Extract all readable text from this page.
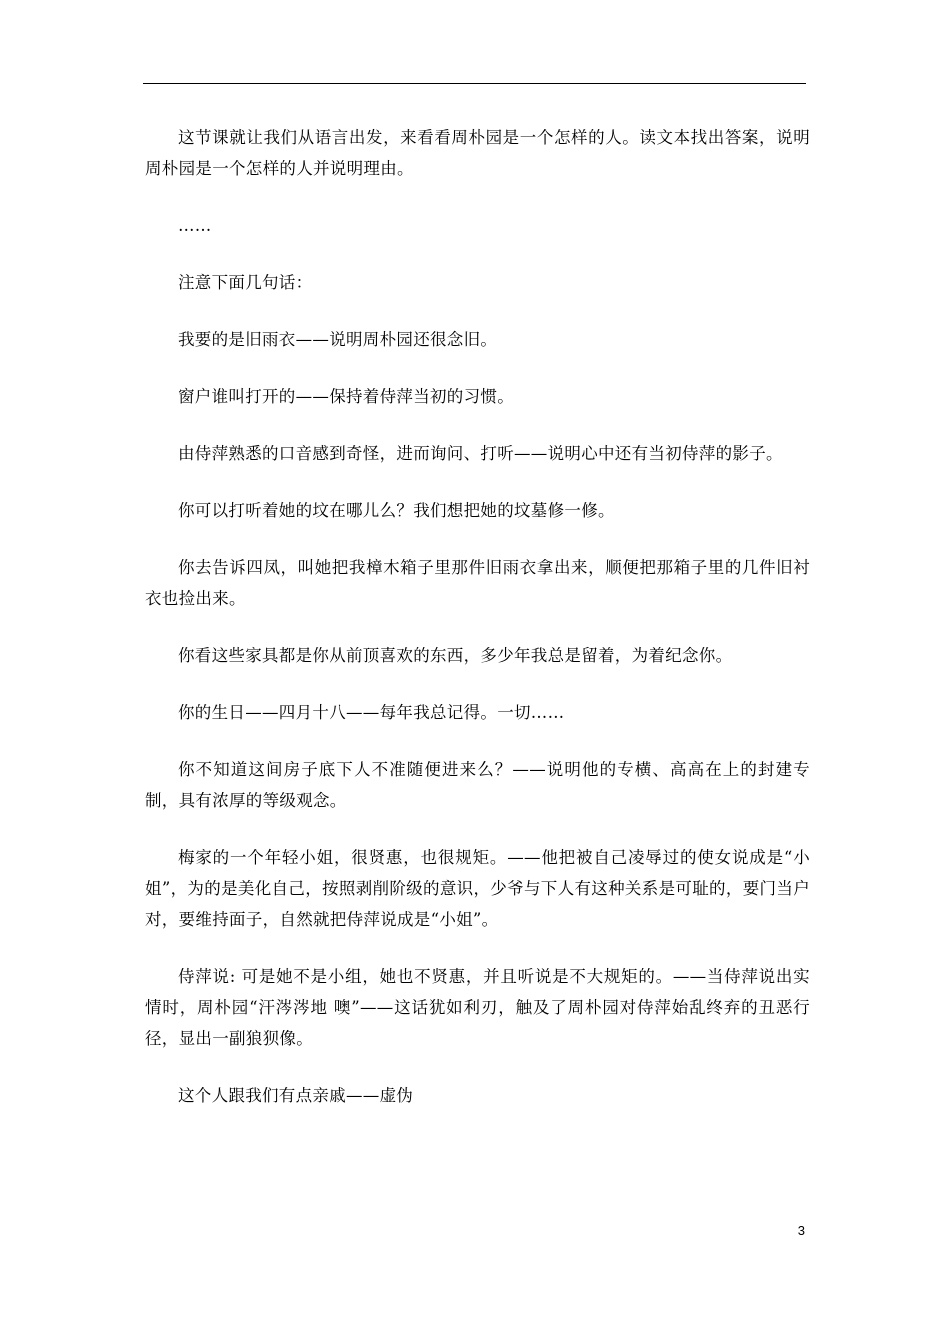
这节课就让我们从语言出发，来看看周朴园是一个怎样的人。读文本找出答案，说明周朴园是一个怎样的人并说明理由。

……

注意下面几句话：

我要的是旧雨衣——说明周朴园还很念旧。

窗户谁叫打开的——保持着侍萍当初的习惯。

由侍萍熟悉的口音感到奇怪，进而询问、打听——说明心中还有当初侍萍的影子。

你可以打听着她的坟在哪儿么？我们想把她的坟墓修一修。

你去告诉四凤，叫她把我樟木箱子里那件旧雨衣拿出来，顺便把那箱子里的几件旧衬衣也捡出来。

你看这些家具都是你从前顶喜欢的东西，多少年我总是留着，为着纪念你。

你的生日——四月十八——每年我总记得。一切……

你不知道这间房子底下人不准随便进来么？——说明他的专横、高高在上的封建专制，具有浓厚的等级观念。

梅家的一个年轻小姐，很贤惠，也很规矩。——他把被自己凌辱过的使女说成是“小姐”，为的是美化自己，按照剥削阶级的意识，少爷与下人有这种关系是可耻的，要门当户对，要维持面子，自然就把侍萍说成是“小姐”。

侍萍说: 可是她不是小组，她也不贤惠，并且听说是不大规矩的。——当侍萍说出实情时，周朴园“汗涔涔地 噢”——这话犹如利刃，触及了周朴园对侍萍始乱终弃的丑恶行径，显出一副狼狈像。

这个人跟我们有点亲戚——虚伪

3
